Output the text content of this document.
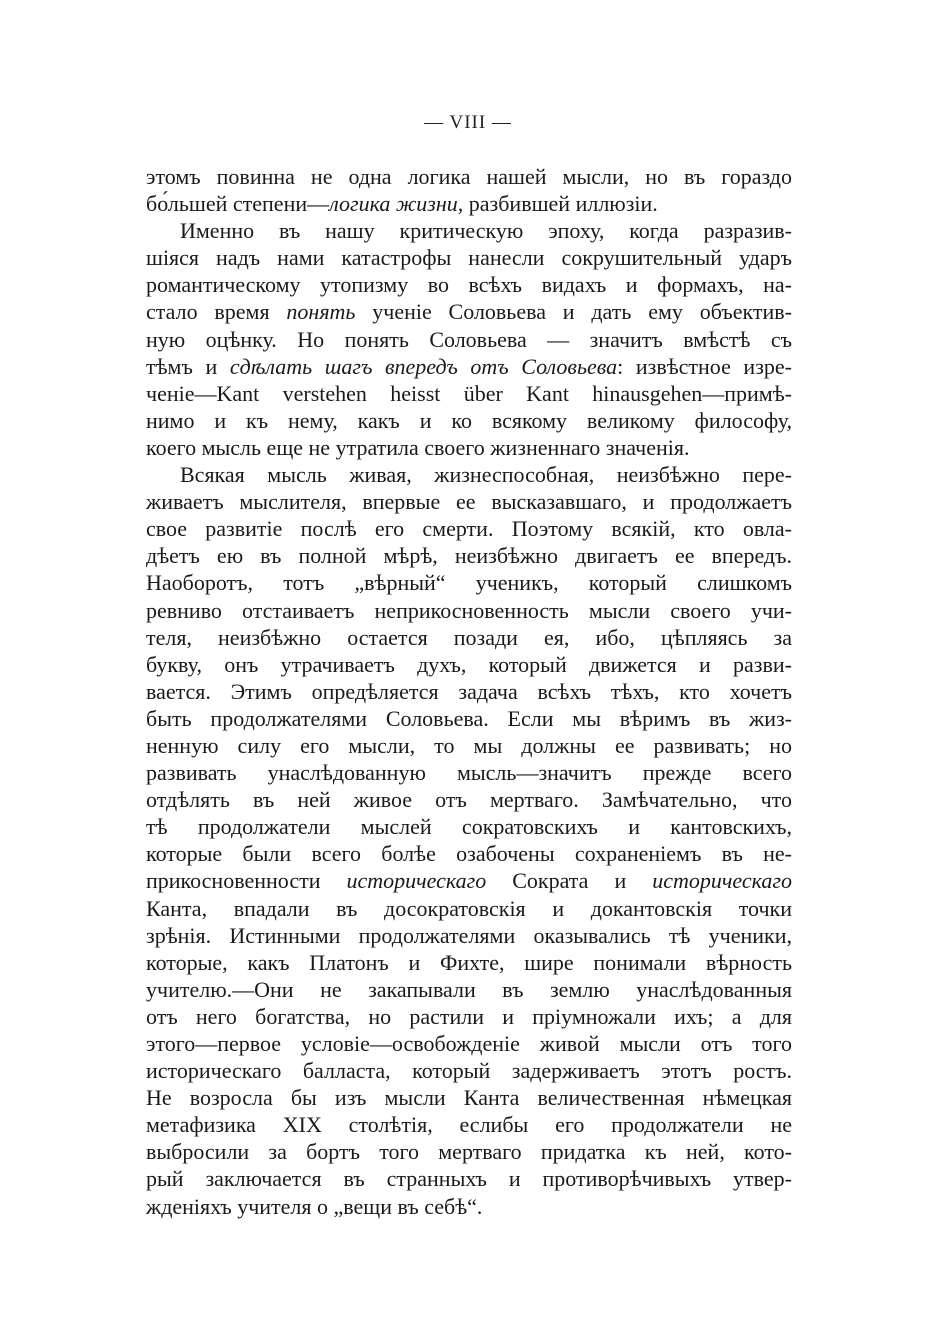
— VIII —
этомъ повинна не одна логика нашей мысли, но въ гораздо
бо́льшей степени—логика жизни, разбившей иллюзіи.
Именно въ нашу критическую эпоху, когда разразив-
шіяся надъ нами катастрофы нанесли сокрушительный ударъ
романтическому утопизму во всѣхъ видахъ и формахъ, на-
стало время понять ученіе Соловьева и дать ему объектив-
ную оцѣнку. Но понять Соловьева — значитъ вмѣстѣ съ
тѣмъ и сдѣлать шагъ впередъ отъ Соловьева: извѣстное изре-
ченіе—Kant verstehen heisst über Kant hinausgehen—примѣ-
нимо и къ нему, какъ и ко всякому великому философу,
коего мысль еще не утратила своего жизненнаго значенія.
Всякая мысль живая, жизнеспособная, неизбѣжно пере-
живаетъ мыслителя, впервые ее высказавшаго, и продолжаетъ
свое развитіе послѣ его смерти. Поэтому всякій, кто овла-
дѣетъ ею въ полной мѣрѣ, неизбѣжно двигаетъ ее впередъ.
Наоборотъ, тотъ „вѣрный“ ученикъ, который слишкомъ
ревниво отстаиваетъ неприкосновенность мысли своего учи-
теля, неизбѣжно остается позади ея, ибо, цѣпляясь за
букву, онъ утрачиваетъ духъ, который движется и разви-
вается. Этимъ опредѣляется задача всѣхъ тѣхъ, кто хочетъ
быть продолжателями Соловьева. Если мы вѣримъ въ жиз-
ненную силу его мысли, то мы должны ее развивать; но
развивать унаслѣдованную мысль—значитъ прежде всего
отдѣлять въ ней живое отъ мертваго. Замѣчательно, что
тѣ продолжатели мыслей сократовскихъ и кантовскихъ,
которые были всего болѣе озабочены сохраненіемъ въ не-
прикосновенности историческаго Сократа и историческаго
Канта, впадали въ досократовскія и докантовскія точки
зрѣнія. Истинными продолжателями оказывались тѣ ученики,
которые, какъ Платонъ и Фихте, шире понимали вѣрность
учителю.—Они не закапывали въ землю унаслѣдованныя
отъ него богатства, но растили и пріумножали ихъ; а для
этого—первое условіе—освобожденіе живой мысли отъ того
историческаго балласта, который задерживаетъ этотъ ростъ.
Не возросла бы изъ мысли Канта величественная нѣмецкая
метафизика XIX столѣтія, еслибы его продолжатели не
выбросили за бортъ того мертваго придатка къ ней, кото-
рый заключается въ странныхъ и противорѣчивыхъ утвер-
жденіяхъ учителя о „вещи въ себѣ“.
